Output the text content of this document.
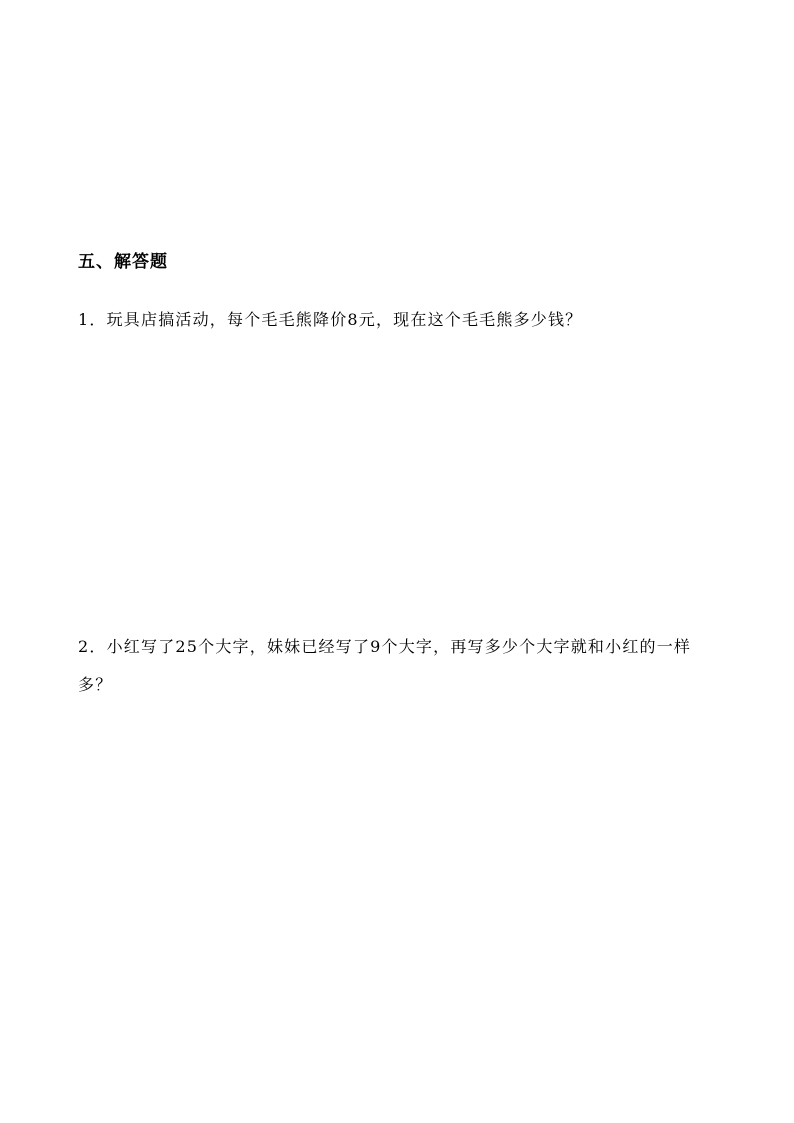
五、解答题

1．玩具店搞活动，每个毛毛熊降价8元，现在这个毛毛熊多少钱？

2．小红写了25个大字，妹妹已经写了9个大字，再写多少个大字就和小红的一样多？
